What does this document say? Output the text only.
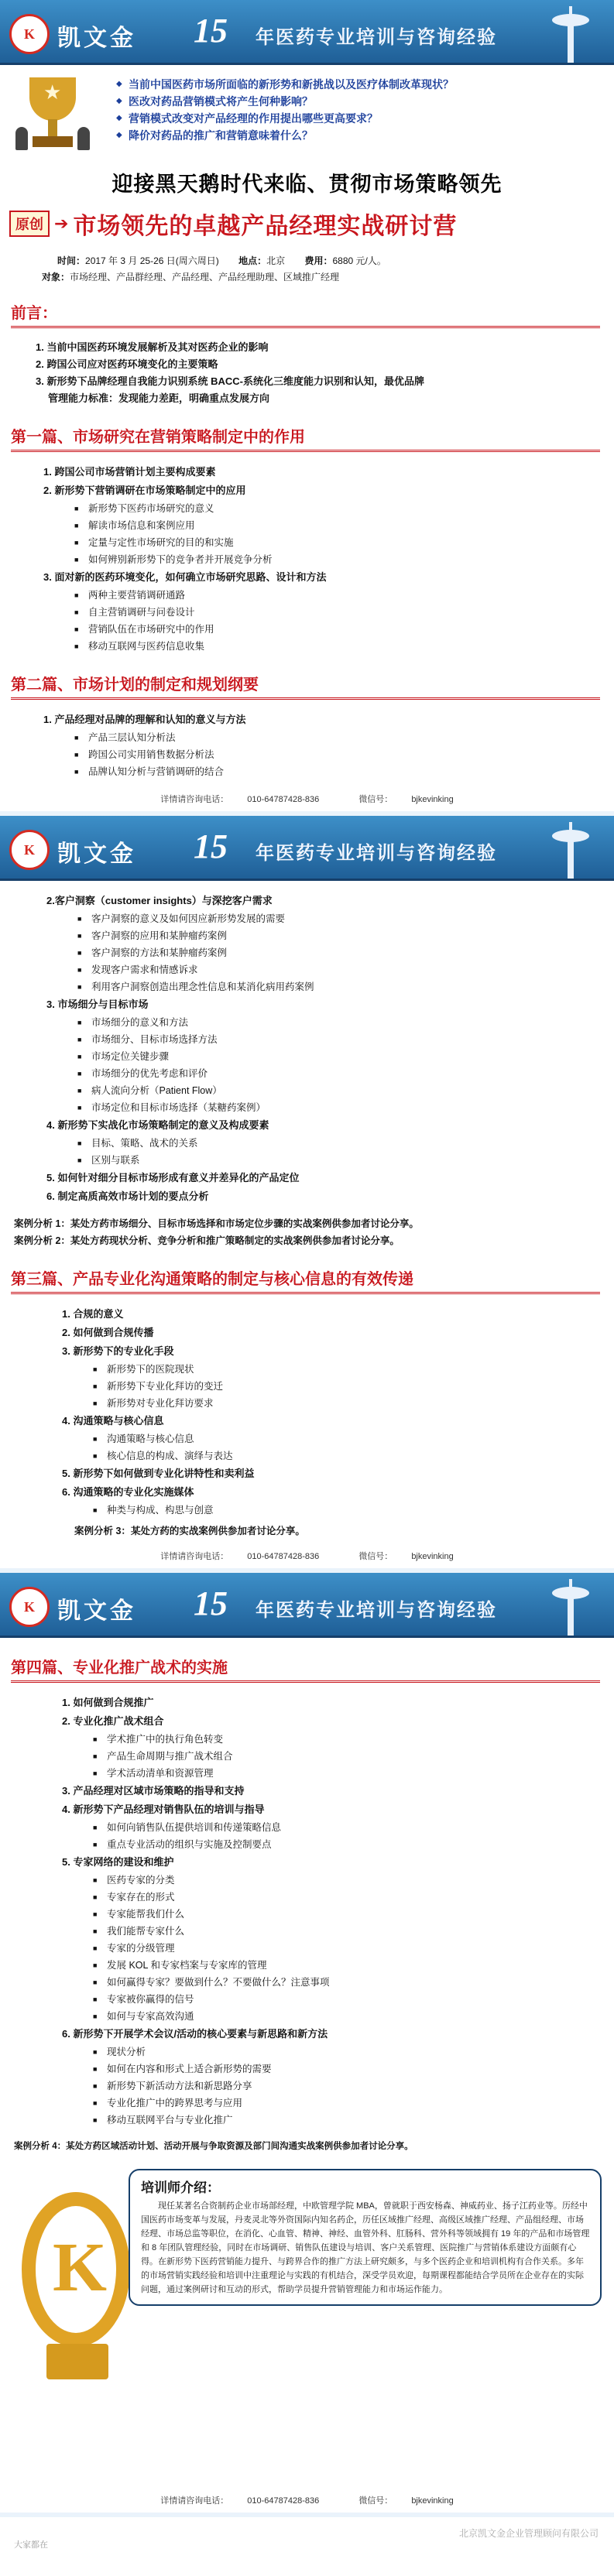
K 凯文金 15 年医药专业培训与咨询经验
★
◆	当前中国医药市场所面临的新形势和新挑战以及医疗体制改革现状？
◆ 医改对药品营销模式将产生何种影响？
◆ 营销模式改变对产品经理的作用提出哪些更高要求？
◆ 降价对药品的推广和营销意味着什么？
迎接黑天鹅时代来临、贯彻市场策略领先
原创 ➔ 市场领先的卓越产品经理实战研讨营
时间：2017 年 3 月 25-26 日(周六周日) 地点：北京 费用：6880 元/人。
对象：市场经理、产品群经理、产品经理、产品经理助理、区域推广经理
前言：
1. 当前中国医药环境发展解析及其对医药企业的影响
2. 跨国公司应对医药环境变化的主要策略
3. 新形势下品牌经理自我能力识别系统 BACC-系统化三维度能力识别和认知，最优品牌
管理能力标准：发现能力差距，明确重点发展方向
第一篇、市场研究在营销策略制定中的作用
1. 跨国公司市场营销计划主要构成要素
2. 新形势下营销调研在市场策略制定中的应用
■ 新形势下医药市场研究的意义
■ 解读市场信息和案例应用
■ 定量与定性市场研究的目的和实施
■ 如何辨别新形势下的竞争者并开展竞争分析
3. 面对新的医药环境变化，如何确立市场研究思路、设计和方法
■ 两种主要营销调研通路
■ 自主营销调研与问卷设计
■ 营销队伍在市场研究中的作用
■ 移动互联网与医药信息收集
第二篇、市场计划的制定和规划纲要
1. 产品经理对品牌的理解和认知的意义与方法
■ 产品三层认知分析法
■ 跨国公司实用销售数据分析法
■ 品牌认知分析与营销调研的结合
详情请咨询电话： 010-64787428-836	微信号： bjkevinking
K 凯文金 15 年医药专业培训与咨询经验
2.客户洞察（customer insights）与深挖客户需求
■ 客户洞察的意义及如何因应新形势发展的需要
■ 客户洞察的应用和某肿瘤药案例
■ 客户洞察的方法和某肿瘤药案例
■ 发现客户需求和情感诉求
■ 利用客户洞察创造出理念性信息和某消化病用药案例
3. 市场细分与目标市场
■ 市场细分的意义和方法
■ 市场细分、目标市场选择方法
■ 市场定位关键步骤
■ 市场细分的优先考虑和评价
■ 病人流向分析（Patient Flow）
■ 市场定位和目标市场选择（某糖药案例）
4. 新形势下实战化市场策略制定的意义及构成要素
■ 目标、策略、战术的关系
■ 区别与联系
5. 如何针对细分目标市场形成有意义并差异化的产品定位
6. 制定高质高效市场计划的要点分析
案例分析 1：某处方药市场细分、目标市场选择和市场定位步骤的实战案例供参加者讨论分享。
案例分析 2：某处方药现状分析、竞争分析和推广策略制定的实战案例供参加者讨论分享。
第三篇、产品专业化沟通策略的制定与核心信息的有效传递
1. 合规的意义
2. 如何做到合规传播
3. 新形势下的专业化手段
■ 新形势下的医院现状
■ 新形势下专业化拜访的变迁
■ 新形势对专业化拜访要求
4. 沟通策略与核心信息
■ 沟通策略与核心信息
■ 核心信息的构成、演绎与表达
5. 新形势下如何做到专业化讲特性和卖利益
6. 沟通策略的专业化实施媒体
■ 种类与构成、构思与创意
案例分析 3：某处方药的实战案例供参加者讨论分享。
详情请咨询电话： 010-64787428-836	微信号： bjkevinking
K 凯文金 15 年医药专业培训与咨询经验
第四篇、专业化推广战术的实施
1. 如何做到合规推广
2. 专业化推广战术组合
■ 学术推广中的执行角色转变
■ 产品生命周期与推广战术组合
■ 学术活动清单和资源管理
3. 产品经理对区域市场策略的指导和支持
4. 新形势下产品经理对销售队伍的培训与指导
■ 如何向销售队伍提供培训和传递策略信息
■ 重点专业活动的组织与实施及控制要点
5. 专家网络的建设和维护
■ 医药专家的分类
■ 专家存在的形式
■ 专家能帮我们什么
■ 我们能帮专家什么
■ 专家的分级管理
■ 发展 KOL 和专家档案与专家库的管理
■ 如何赢得专家？要做到什么？不要做什么？注意事项
■ 专家被你赢得的信号
■ 如何与专家高效沟通
6. 新形势下开展学术会议/活动的核心要素与新思路和新方法
■ 现状分析
■ 如何在内容和形式上适合新形势的需要
■ 新形势下新活动方法和新思路分享
■ 专业化推广中的跨界思考与应用
■ 移动互联网平台与专业化推广
案例分析 4：某处方药区域活动计划、活动开展与争取资源及部门间沟通实战案例供参加者讨论分享。
K
培训师介绍：

现任某著名合资制药企业市场部经理，中欧管理学院 MBA，曾就职于西安杨森、神威药业、扬子江药业等。历经中国医药市场变革与发展，丹麦灵北等外资国际内知名药企，历任区域推广经理、高级区域推广经理、产品组经理、市场经理、市场总监等职位，在消化、心血管、精神、神经、血管外科、肛肠科、营外科等领域拥有 19 年的产品和市场管理和 8 年团队管理经验，同时在市场调研、销售队伍建设与培训、客户关系管理、医院推广与营销体系建设方面颇有心得。在新形势下医药营销能力提升、与跨界合作的推广方法上研究颇多，与多个医药企业和培训机构有合作关系。多年的市场营销实践经验和培训中注重理论与实践的有机结合，深受学员欢迎，每期课程都能结合学员所在企业存在的实际问题，通过案例研讨和互动的形式，帮助学员提升营销管理能力和市场运作能力。

详情请咨询电话： 010-64787428-836	微信号： bjkevinking
北京凯文金企业管理顾问有限公司
大家都在
